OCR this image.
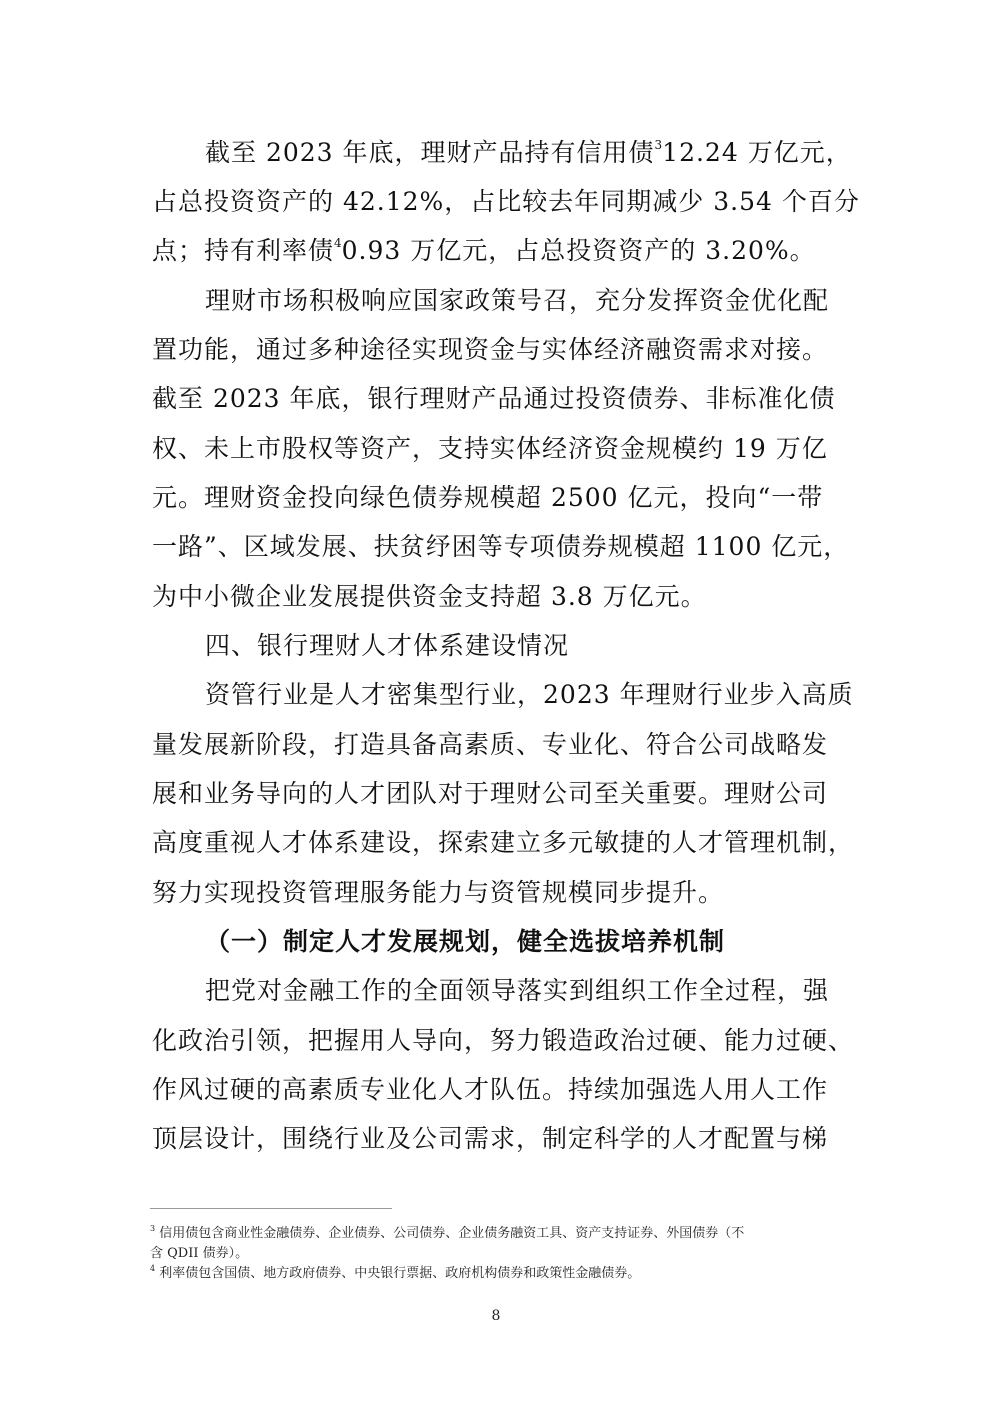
截至 2023 年底，理财产品持有信用债$^3$12.24 万亿元，
占总投资资产的 42.12%，占比较去年同期减少 3.54 个百分
点；持有利率债$^4$0.93 万亿元，占总投资资产的 3.20%。
理财市场积极响应国家政策号召，充分发挥资金优化配
置功能，通过多种途径实现资金与实体经济融资需求对接。
截至 2023 年底，银行理财产品通过投资债券、非标准化债
权、未上市股权等资产，支持实体经济资金规模约 19 万亿
元。理财资金投向绿色债券规模超 2500 亿元，投向“一带
一路”、区域发展、扶贫纾困等专项债券规模超 1100 亿元，
为中小微企业发展提供资金支持超 3.8 万亿元。
四、银行理财人才体系建设情况
资管行业是人才密集型行业，2023 年理财行业步入高质
量发展新阶段，打造具备高素质、专业化、符合公司战略发
展和业务导向的人才团队对于理财公司至关重要。理财公司
高度重视人才体系建设，探索建立多元敏捷的人才管理机制，
努力实现投资管理服务能力与资管规模同步提升。
（一）制定人才发展规划，健全选拔培养机制
把党对金融工作的全面领导落实到组织工作全过程，强
化政治引领，把握用人导向，努力锻造政治过硬、能力过硬、
作风过硬的高素质专业化人才队伍。持续加强选人用人工作
顶层设计，围绕行业及公司需求，制定科学的人才配置与梯
$^3$ 信用债包含商业性金融债券、企业债券、公司债券、企业债务融资工具、资产支持证券、外国债券（不
含 QDII 债券）。
$^4$ 利率债包含国债、地方政府债券、中央银行票据、政府机构债券和政策性金融债券。
8
